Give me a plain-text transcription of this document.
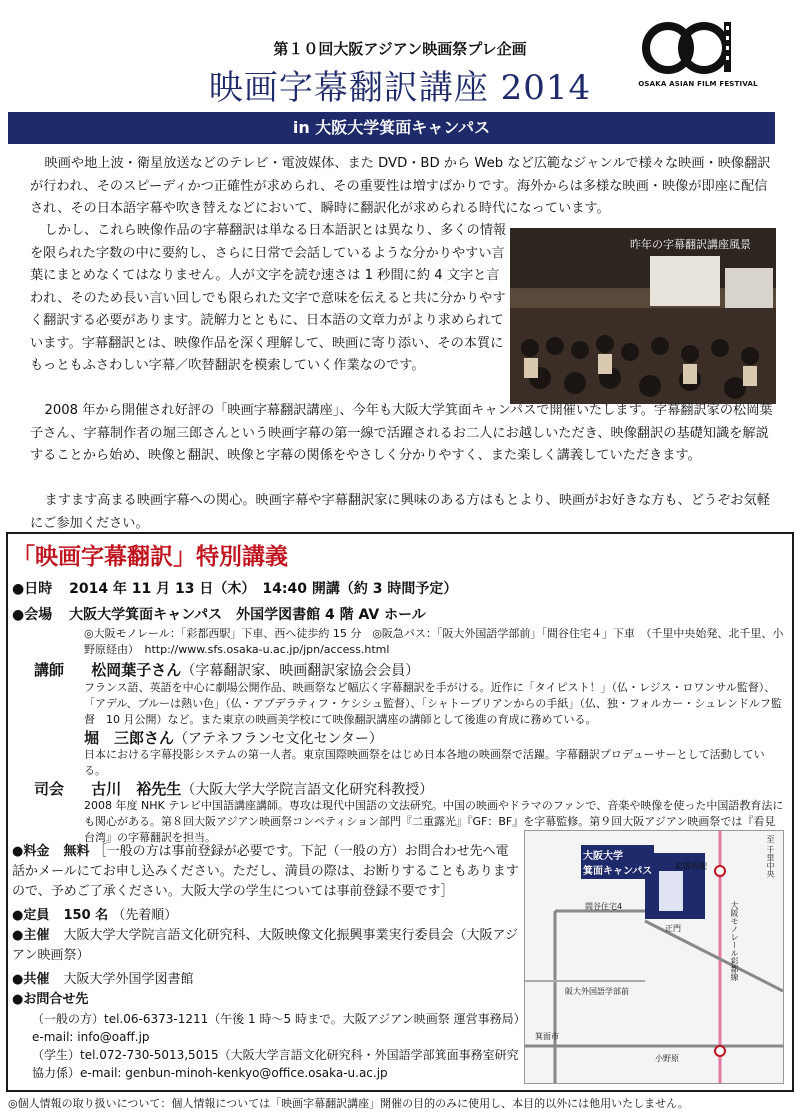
第１０回大阪アジアン映画祭プレ企画
映画字幕翻訳講座 2014	OSAKA ASIAN FILM FESTIVAL
in 大阪大学箕面キャンパス

映画や地上波・衛星放送などのテレビ・電波媒体、また DVD・BD から Web など広範なジャンルで様々な映画・映像翻訳が行われ、そのスピーディかつ正確性が求められ、その重要性は増すばかりです。海外からは多様な映画・映像が即座に配信され、その日本語字幕や吹き替えなどにおいて、瞬時に翻訳化が求められる時代になっています。

しかし、これら映像作品の字幕翻訳は単なる日本語訳とは異なり、多くの情報を限られた字数の中に要約し、さらに日常で会話しているような分かりやすい言葉にまとめなくてはなりません。人が文字を読む速さは 1 秒間に約 4 文字と言われ、そのため長い言い回しでも限られた文字で意味を伝えると共に分かりやすく翻訳する必要があります。読解力とともに、日本語の文章力がより求められています。字幕翻訳とは、映像作品を深く理解して、映画に寄り添い、その本質にもっともふさわしい字幕／吹替翻訳を模索していく作業なのです。

昨年の字幕翻訳講座風景

2008 年から開催され好評の「映画字幕翻訳講座」、今年も大阪大学箕面キャンパスで開催いたします。字幕翻訳家の松岡葉子さん、字幕制作者の堀三郎さんという映画字幕の第一線で活躍されるお二人にお越しいただき、映像翻訳の基礎知識を解説することから始め、映像と翻訳、映像と字幕の関係をやさしく分かりやすく、また楽しく講義していただきます。

ますます高まる映画字幕への関心。映画字幕や字幕翻訳家に興味のある方はもとより、映画がお好きな方も、どうぞお気軽にご参加ください。

「映画字幕翻訳」特別講義
●日時 2014 年 11 月 13 日（木）　14:40 開講（約 3 時間予定）
●会場 大阪大学箕面キャンパス　外国学図書館 4 階 AV ホール
◎大阪モノレール：「彩都西駅」下車、西へ徒歩約 15 分　◎阪急バス：「阪大外国語学部前」「間谷住宅４」下車　（千里中央始発、北千里、小野原経由）　http://www.sfs.osaka-u.ac.jp/jpn/access.html
講師 松岡葉子さん（字幕翻訳家、映画翻訳家協会会員）
フランス語、英語を中心に劇場公開作品、映画祭など幅広く字幕翻訳を手がける。近作に「タイピスト！」（仏・レジス・ロワンサル監督）、「アデル、ブルーは熱い色」（仏・アブデラティフ・ケシシュ監督）、「シャトーブリアンからの手紙」（仏、独・フォルカー・シュレンドルフ監督　10 月公開）など。また東京の映画美学校にて映像翻訳講座の講師として後進の育成に務めている。
堀　三郎さん（アテネフランセ文化センター）
日本における字幕投影システムの第一人者。東京国際映画祭をはじめ日本各地の映画祭で活躍。字幕翻訳プロデューサーとして活動している。
司会 古川　裕先生（大阪大学大学院言語文化研究科教授）
2008 年度 NHK テレビ中国語講座講師。専攻は現代中国語の文法研究。中国の映画やドラマのファンで、音楽や映像を使った中国語教育法にも関心がある。第８回大阪アジアン映画祭コンペティション部門『二重露光』『GF：BF』を字幕監修。第９回大阪アジアン映画祭では『看見台湾』の字幕翻訳を担当。
●料金 無料 ［一般の方は事前登録が必要です。下記（一般の方）お問合わせ先へ電話かメールにてお申し込みください。ただし、満員の際は、お断りすることもありますので、予めご了承ください。大阪大学の学生については事前登録不要です］
●定員 150 名 （先着順）
●主催 大阪大学大学院言語文化研究科、大阪映像文化振興事業実行委員会（大阪アジアン映画祭）
●共催 大阪大学外国学図書館
●お問合せ先
（一般の方）tel.06-6373-1211（午後 1 時～5 時まで。大阪アジアン映画祭 運営事務局）e-mail: info@oaff.jp
（学生）tel.072-730-5013,5015（大阪大学言語文化研究科・外国語学部箕面事務室研究協力係）e-mail: genbun-minoh-kenkyo@office.osaka-u.ac.jp
大阪大学
箕面キャンパス	彩都西駅	至 千里中央
間谷住宅4
正門
阪大外国語学部前
箕面市
小野原
大阪モノレール彩都線
◎個人情報の取り扱いについて：個人情報については「映画字幕翻訳講座」開催の目的のみに使用し、本目的以外には他用いたしません。
